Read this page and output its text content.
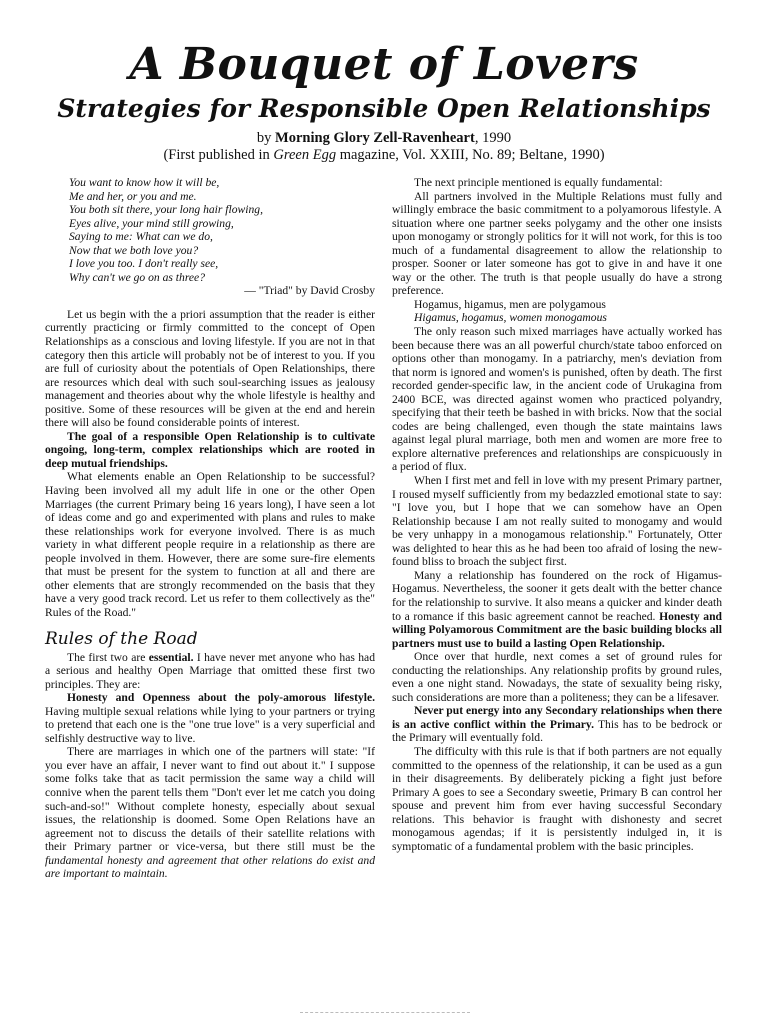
A Bouquet of Lovers
Strategies for Responsible Open Relationships
by Morning Glory Zell-Ravenheart, 1990
(First published in Green Egg magazine, Vol. XXIII, No. 89; Beltane, 1990)
You want to know how it will be,
Me and her, or you and me.
You both sit there, your long hair flowing,
Eyes alive, your mind still growing,
Saying to me: What can we do,
Now that we both love you?
I love you too. I don't really see,
Why can't we go on as three?
— "Triad" by David Crosby

Let us begin with the a priori assumption that the reader is either currently practicing or firmly committed to the concept of Open Relationships as a conscious and loving lifestyle. If you are not in that category then this article will probably not be of interest to you. If you are full of curiosity about the potentials of Open Relationships, there are resources which deal with such soul-searching issues as jealousy management and theories about why the whole lifestyle is healthy and positive. Some of these resources will be given at the end and herein there will also be found considerable points of interest.

The goal of a responsible Open Relationship is to cultivate ongoing, long-term, complex relationships which are rooted in deep mutual friendships.

What elements enable an Open Relationship to be successful? Having been involved all my adult life in one or the other Open Marriages (the current Primary being 16 years long), I have seen a lot of ideas come and go and experimented with plans and rules to make these relationships work for everyone involved. There is as much variety in what different people require in a relationship as there are people involved in them. However, there are some sure-fire elements that must be present for the system to function at all and there are other elements that are strongly recommended on the basis that they have a very good track record. Let us refer to them collectively as the" Rules of the Road."

Rules of the Road

The first two are essential. I have never met anyone who has had a serious and healthy Open Marriage that omitted these first two principles. They are:

Honesty and Openness about the poly-amorous lifestyle. Having multiple sexual relations while lying to your partners or trying to pretend that each one is the "one true love" is a very superficial and selfishly destructive way to live.

There are marriages in which one of the partners will state: "If you ever have an affair, I never want to find out about it." I suppose some folks take that as tacit permission the same way a child will connive when the parent tells them "Don't ever let me catch you doing such-and-so!" Without complete honesty, especially about sexual issues, the relationship is doomed. Some Open Relations have an agreement not to discuss the details of their satellite relations with their Primary partner or vice-versa, but there still must be the fundamental honesty and agreement that other relations do exist and are important to maintain.

The next principle mentioned is equally fundamental:

All partners involved in the Multiple Relations must fully and willingly embrace the basic commitment to a polyamorous lifestyle. A situation where one partner seeks polygamy and the other one insists upon monogamy or strongly politics for it will not work, for this is too much of a fundamental disagreement to allow the relationship to prosper. Sooner or later someone has got to give in and have it one way or the other. The truth is that people usually do have a strong preference.

Hogamus, higamus, men are polygamous

Higamus, hogamus, women monogamous

The only reason such mixed marriages have actually worked has been because there was an all powerful church/state taboo enforced on options other than monogamy. In a patriarchy, men's deviation from that norm is ignored and women's is punished, often by death. The first recorded gender-specific law, in the ancient code of Urukagina from 2400 BCE, was directed against women who practiced polyandry, specifying that their teeth be bashed in with bricks. Now that the social codes are being challenged, even though the state maintains laws against legal plural marriage, both men and women are more free to explore alternative preferences and relationships are conspicuously in a period of flux.

When I first met and fell in love with my present Primary partner, I roused myself sufficiently from my bedazzled emotional state to say: "I love you, but I hope that we can somehow have an Open Relationship because I am not really suited to monogamy and would be very unhappy in a monogamous relationship." Fortunately, Otter was delighted to hear this as he had been too afraid of losing the new-found bliss to broach the subject first.

Many a relationship has foundered on the rock of Higamus-Hogamus. Nevertheless, the sooner it gets dealt with the better chance for the relationship to survive. It also means a quicker and kinder death to a romance if this basic agreement cannot be reached. Honesty and willing Polyamorous Commitment are the basic building blocks all partners must use to build a lasting Open Relationship.

Once over that hurdle, next comes a set of ground rules for conducting the relationships. Any relationship profits by ground rules, even a one night stand. Nowadays, the state of sexuality being risky, such considerations are more than a politeness; they can be a lifesaver.

Never put energy into any Secondary relationships when there is an active conflict within the Primary. This has to be bedrock or the Primary will eventually fold.

The difficulty with this rule is that if both partners are not equally committed to the openness of the relationship, it can be used as a gun in their disagreements. By deliberately picking a fight just before Primary A goes to see a Secondary sweetie, Primary B can control her spouse and prevent him from ever having successful Secondary relations. This behavior is fraught with dishonesty and secret monogamous agendas; if it is persistently indulged in, it is symptomatic of a fundamental problem with the basic principles.
